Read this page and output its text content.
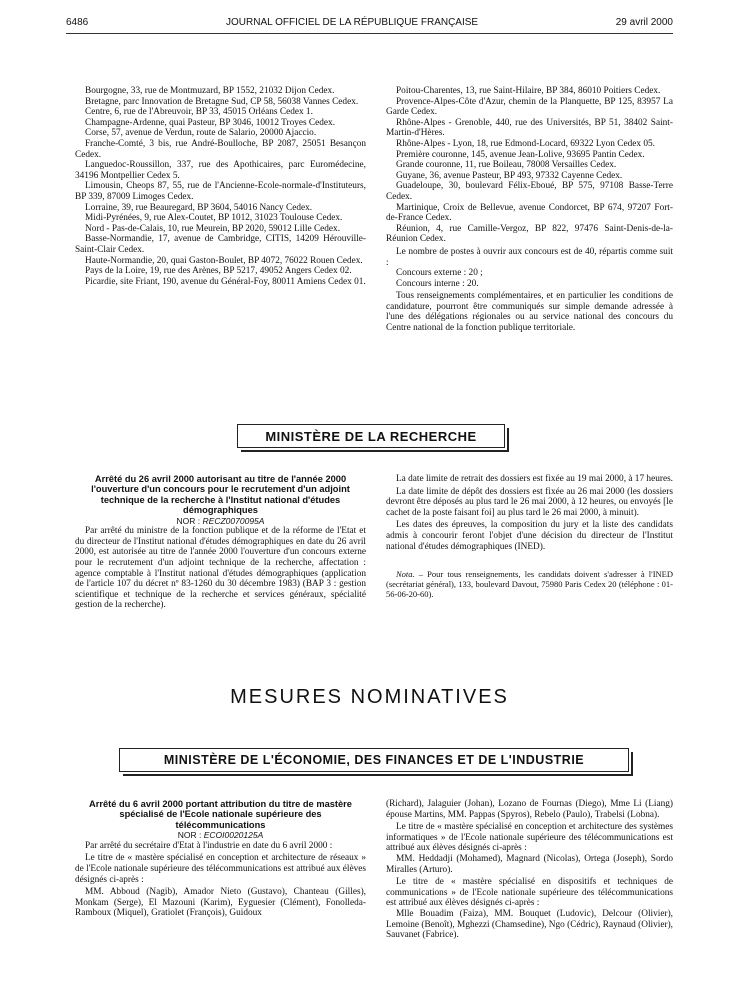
6486	JOURNAL OFFICIEL DE LA RÉPUBLIQUE FRANÇAISE	29 avril 2000

Bourgogne, 33, rue de Montmuzard, BP 1552, 21032 Dijon Cedex.

Bretagne, parc Innovation de Bretagne Sud, CP 58, 56038 Vannes Cedex.

Centre, 6, rue de l'Abreuvoir, BP 33, 45015 Orléans Cedex 1.

Champagne-Ardenne, quai Pasteur, BP 3046, 10012 Troyes Cedex.

Corse, 57, avenue de Verdun, route de Salario, 20000 Ajaccio.

Franche-Comté, 3 bis, rue André-Boulloche, BP 2087, 25051 Besançon Cedex.

Languedoc-Roussillon, 337, rue des Apothicaires, parc Euromédecine, 34196 Montpellier Cedex 5.

Limousin, Cheops 87, 55, rue de l'Ancienne-Ecole-normale-d'Instituteurs, BP 339, 87009 Limoges Cedex.

Lorraine, 39, rue Beauregard, BP 3604, 54016 Nancy Cedex.

Midi-Pyrénées, 9, rue Alex-Coutet, BP 1012, 31023 Toulouse Cedex.

Nord - Pas-de-Calais, 10, rue Meurein, BP 2020, 59012 Lille Cedex.

Basse-Normandie, 17, avenue de Cambridge, CITIS, 14209 Hérouville-Saint-Clair Cedex.

Haute-Normandie, 20, quai Gaston-Boulet, BP 4072, 76022 Rouen Cedex.

Pays de la Loire, 19, rue des Arènes, BP 5217, 49052 Angers Cedex 02.

Picardie, site Friant, 190, avenue du Général-Foy, 80011 Amiens Cedex 01.

Poitou-Charentes, 13, rue Saint-Hilaire, BP 384, 86010 Poitiers Cedex.

Provence-Alpes-Côte d'Azur, chemin de la Planquette, BP 125, 83957 La Garde Cedex.

Rhône-Alpes - Grenoble, 440, rue des Universités, BP 51, 38402 Saint-Martin-d'Hères.

Rhône-Alpes - Lyon, 18, rue Edmond-Locard, 69322 Lyon Cedex 05.

Première couronne, 145, avenue Jean-Lolive, 93695 Pantin Cedex.

Grande couronne, 11, rue Boileau, 78008 Versailles Cedex.

Guyane, 36, avenue Pasteur, BP 493, 97332 Cayenne Cedex.

Guadeloupe, 30, boulevard Félix-Eboué, BP 575, 97108 Basse-Terre Cedex.

Martinique, Croix de Bellevue, avenue Condorcet, BP 674, 97207 Fort-de-France Cedex.

Réunion, 4, rue Camille-Vergoz, BP 822, 97476 Saint-Denis-de-la-Réunion Cedex.

Le nombre de postes à ouvrir aux concours est de 40, répartis comme suit :

Concours externe : 20 ;

Concours interne : 20.

Tous renseignements complémentaires, et en particulier les conditions de candidature, pourront être communiqués sur simple demande adressée à l'une des délégations régionales ou au service national des concours du Centre national de la fonction publique territoriale.

MINISTÈRE DE LA RECHERCHE

Arrêté du 26 avril 2000 autorisant au titre de l'année 2000 l'ouverture d'un concours pour le recrutement d'un adjoint technique de la recherche à l'Institut national d'études démographiques

NOR : RECZ0070095A

Par arrêté du ministre de la fonction publique et de la réforme de l'Etat et du directeur de l'Institut national d'études démographiques en date du 26 avril 2000, est autorisée au titre de l'année 2000 l'ouverture d'un concours externe pour le recrutement d'un adjoint technique de la recherche, affectation : agence comptable à l'Institut national d'études démographiques (application de l'article 107 du décret nº 83-1260 du 30 décembre 1983) (BAP 3 : gestion scientifique et technique de la recherche et services généraux, spécialité gestion de la recherche).

La date limite de retrait des dossiers est fixée au 19 mai 2000, à 17 heures.

La date limite de dépôt des dossiers est fixée au 26 mai 2000 (les dossiers devront être déposés au plus tard le 26 mai 2000, à 12 heures, ou envoyés [le cachet de la poste faisant foi] au plus tard le 26 mai 2000, à minuit).

Les dates des épreuves, la composition du jury et la liste des candidats admis à concourir feront l'objet d'une décision du directeur de l'Institut national d'études démographiques (INED).

Nota. – Pour tous renseignements, les candidats doivent s'adresser à l'INED (secrétariat général), 133, boulevard Davout, 75980 Paris Cedex 20 (téléphone : 01-56-06-20-60).

MESURES NOMINATIVES
MINISTÈRE DE L'ÉCONOMIE, DES FINANCES ET DE L'INDUSTRIE

Arrêté du 6 avril 2000 portant attribution du titre de mastère spécialisé de l'Ecole nationale supérieure des télécommunications

NOR : ECOI0020125A

Par arrêté du secrétaire d'Etat à l'industrie en date du 6 avril 2000 :

Le titre de « mastère spécialisé en conception et architecture de réseaux » de l'Ecole nationale supérieure des télécommunications est attribué aux élèves désignés ci-après :

MM. Abboud (Nagib), Amador Nieto (Gustavo), Chanteau (Gilles), Monkam (Serge), El Mazouni (Karim), Eyguesier (Clément), Fonolleda-Ramboux (Miquel), Gratiolet (François), Guidoux

(Richard), Jalaguier (Johan), Lozano de Fournas (Diego), Mme Li (Liang) épouse Martins, MM. Pappas (Spyros), Rebelo (Paulo), Trabelsi (Lobna).

Le titre de « mastère spécialisé en conception et architecture des systèmes informatiques » de l'Ecole nationale supérieure des télécommunications est attribué aux élèves désignés ci-après :

MM. Heddadji (Mohamed), Magnard (Nicolas), Ortega (Joseph), Sordo Miralles (Arturo).

Le titre de « mastère spécialisé en dispositifs et techniques de communications » de l'Ecole nationale supérieure des télécommunications est attribué aux élèves désignés ci-après :

Mlle Bouadim (Faiza), MM. Bouquet (Ludovic), Delcour (Olivier), Lemoine (Benoît), Mghezzi (Chamsedine), Ngo (Cédric), Raynaud (Olivier), Sauvanet (Fabrice).
